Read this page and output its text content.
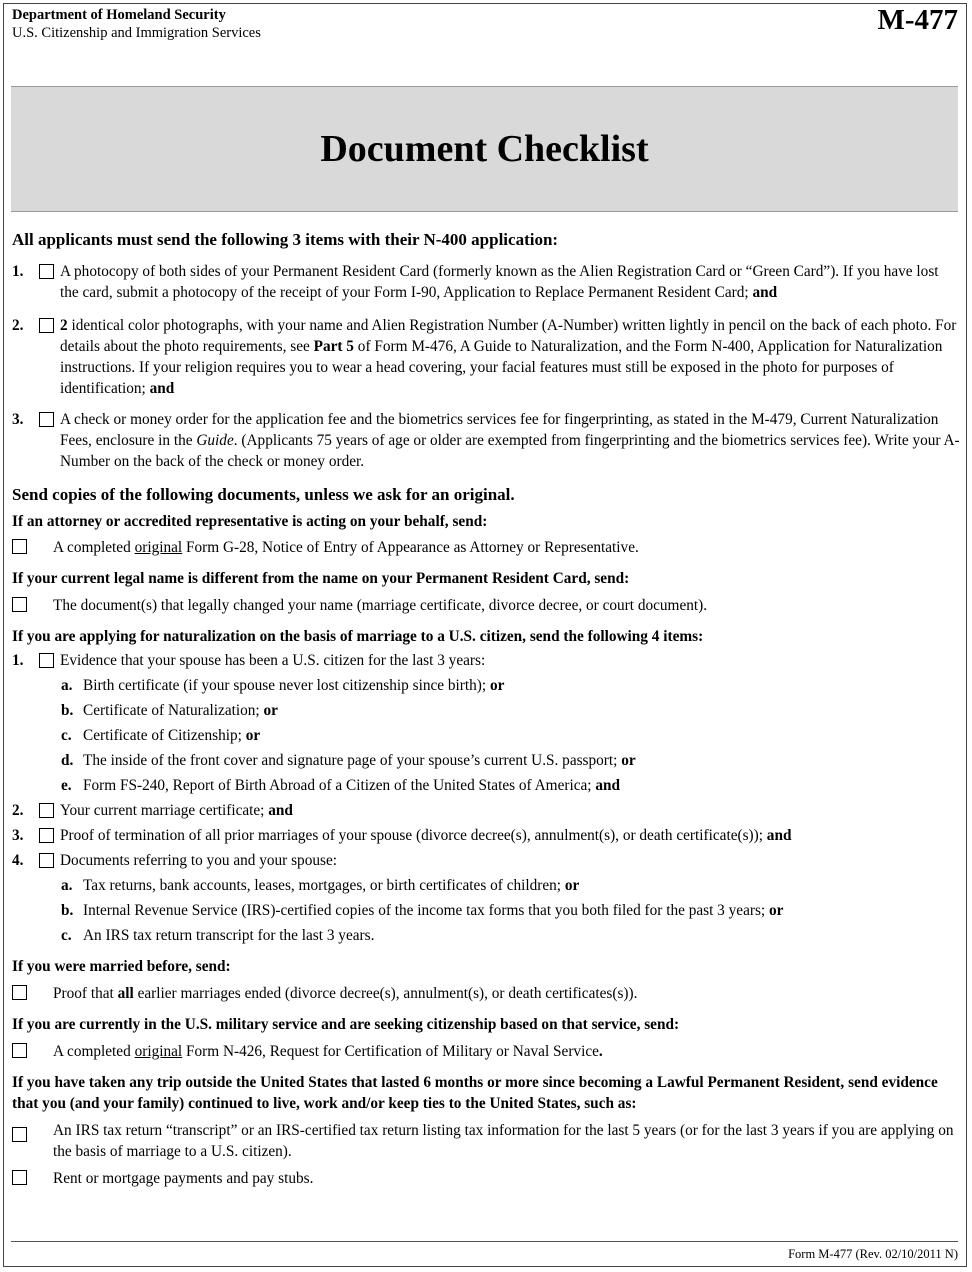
Department of Homeland Security
U.S. Citizenship and Immigration Services	M-477
Document Checklist
All applicants must send the following 3 items with their N-400 application:
1.	A photocopy of both sides of your Permanent Resident Card (formerly known as the Alien Registration Card or “Green Card”). If you have lost the card, submit a photocopy of the receipt of your Form I-90, Application to Replace Permanent Resident Card; and
2.	2 identical color photographs, with your name and Alien Registration Number (A-Number) written lightly in pencil on the back of each photo. For details about the photo requirements, see Part 5 of Form M-476, A Guide to Naturalization, and the Form N-400, Application for Naturalization instructions. If your religion requires you to wear a head covering, your facial features must still be exposed in the photo for purposes of identification; and
3.	A check or money order for the application fee and the biometrics services fee for fingerprinting, as stated in the M-479, Current Naturalization Fees, enclosure in the Guide. (Applicants 75 years of age or older are exempted from fingerprinting and the biometrics services fee). Write your A-Number on the back of the check or money order.
Send copies of the following documents, unless we ask for an original.
If an attorney or accredited representative is acting on your behalf, send:
A completed original Form G-28, Notice of Entry of Appearance as Attorney or Representative.
If your current legal name is different from the name on your Permanent Resident Card, send:
The document(s) that legally changed your name (marriage certificate, divorce decree, or court document).
If you are applying for naturalization on the basis of marriage to a U.S. citizen, send the following 4 items:
1.	Evidence that your spouse has been a U.S. citizen for the last 3 years:
a. Birth certificate (if your spouse never lost citizenship since birth); or
b. Certificate of Naturalization; or
c. Certificate of Citizenship; or
d. The inside of the front cover and signature page of your spouse’s current U.S. passport; or
e. Form FS-240, Report of Birth Abroad of a Citizen of the United States of America; and
2.	Your current marriage certificate; and
3.	Proof of termination of all prior marriages of your spouse (divorce decree(s), annulment(s), or death certificate(s)); and
4.	Documents referring to you and your spouse:
a. Tax returns, bank accounts, leases, mortgages, or birth certificates of children; or
b. Internal Revenue Service (IRS)-certified copies of the income tax forms that you both filed for the past 3 years; or
c. An IRS tax return transcript for the last 3 years.
If you were married before, send:
Proof that all earlier marriages ended (divorce decree(s), annulment(s), or death certificates(s)).
If you are currently in the U.S. military service and are seeking citizenship based on that service, send:
A completed original Form N-426, Request for Certification of Military or Naval Service.
If you have taken any trip outside the United States that lasted 6 months or more since becoming a Lawful Permanent Resident, send evidence that you (and your family) continued to live, work and/or keep ties to the United States, such as:
An IRS tax return “transcript” or an IRS-certified tax return listing tax information for the last 5 years (or for the last 3 years if you are applying on the basis of marriage to a U.S. citizen).
Rent or mortgage payments and pay stubs.
Form M-477 (Rev. 02/10/2011 N)
